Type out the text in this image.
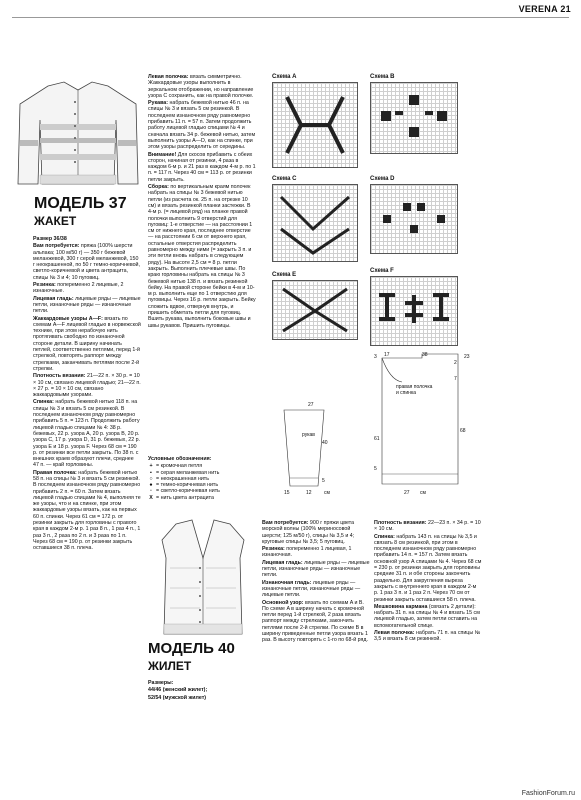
VERENA 21
МОДЕЛЬ 37
ЖАКЕТ

Размер 36/38

Вам потребуется: пряжа (100% шерсти альпака; 100 м/50 г) — 350 г бежевой меланжевой, 300 г серой меланжевой, 150 г неокрашенной, по 50 г темно-коричневой, светло-коричневой и цвета антрацита, спицы № 3 и 4; 10 пуговиц.

Резинка: попеременно 2 лицевые, 2 изнаночные.

Лицевая гладь: лицевые ряды — лицевые петли, изнаночные ряды — изнаночные петли.

Жаккардовые узоры А—F: вязать по схемам А—F лицевой гладью в норвежской технике, при этом нерабочую нить протягивать свободно по изнаночной стороне детали. В ширину начинать петлей, соответственно петлями, перед 1-й стрелкой, повторять раппорт между стрелками, заканчивать петлями после 2-й стрелки.

Плотность вязания: 21—22 п. × 30 р. = 10 × 10 см, связано лицевой гладью; 21—22 п. × 27 р. = 10 × 10 см, связано жаккардовыми узорами.

Спинка: набрать бежевой нитью 118 п. на спицы № 3 и вязать 5 см резинкой. В последнем изнаночном ряду равномерно прибавить 5 п. = 123 п. Продолжить работу лицевой гладью спицами № 4: 38 р. бежевых, 22 р. узора А, 20 р. узора B, 20 р. узора C, 17 р. узора D, 31 р. бежевых, 22 р. узора E и 18 р. узора F. Через 68 см = 190 р. от резинки все петли закрыть. По 38 п. с внешних краев образуют плечи, среднее 47 п. — край горловины.

Правая полочка: набрать бежевой нитью 58 п. на спицы № 3 и вязать 5 см резинкой. В последнем изнаночном ряду равномерно прибавить 2 п. = 60 п. Затем вязать лицевой гладью спицами № 4, выполняя те же узоры, что и на спинке, при этом жаккардовые узоры вязать, как на первых 60 п. спинки. Через 61 см = 172 р. от резинки закрыть для горловины с правого края в каждом 2-м р. 1 раз 8 п., 1 раз 4 п., 1 раз 3 п., 2 раза по 2 п. и 3 раза по 1 п. Через 68 см = 190 р. от резинки закрыть оставшиеся 38 п. плеча.

Левая полочка: вязать симметрично. Жаккардовые узоры выполнить в зеркальном отображении, но направление узора C сохранить, как на правой полочке.

Рукава: набрать бежевой нитью 46 п. на спицы № 3 и вязать 5 см резинкой. В последнем изнаночном ряду равномерно прибавить 11 п. = 57 п. Затем продолжить работу лицевой гладью спицами № 4 и сначала вязать 34 р. бежевой нитью, затем выполнить узоры A—D, как на спинке, при этом узоры распределить от середины.

Внимание! Для скосов прибавить с обеих сторон, начиная от резинки, 4 раза в каждом 6-м р. и 21 раз в каждом 4-м р. по 1 п. = 117 п. Через 40 см = 113 р. от резинки петли закрыть.

Сборка: по вертикальным краям полочек набрать на спицы № 3 бежевой нитью петли (из расчета ок. 25 п. на отрезке 10 см) и вязать резинкой планки застежки. В 4-м р. (= лицевой ряд) на планке правой полочки выполнить 9 отверстий для пуговиц: 1-е отверстие — на расстоянии 1 см от нижнего края, последнее отверстие — на расстоянии 6 см от верхнего края, остальные отверстия распределить равномерно между ними (= закрыть 3 п. и эти петли вновь набрать в следующем ряду). На высоте 2,5 см = 8 р. петли закрыть. Выполнить плечевые швы. По краю горловины набрать на спицы № 3 бежевой нитью 138 п. и вязать резинкой бейку. На правой стороне бейки в 4-м и 10-м р. выполнить еще по 1 отверстию для пуговицы. Через 16 р. петли закрыть. Бейку сложить вдвое, отвернув внутрь, и пришить обметать петли для пуговиц. Вшить рукава, выполнить боковые швы и швы рукавов. Пришить пуговицы.

Условные обозначения:

+ = кромочная петля
▪ = серая меланжевая нить
○ = неокрашенная нить
● = темно-коричневая нить
▫ = светло-коричневая нить
X = нить цвета антрацита
Схема A	Схема B
Схема C	Схема D
Схема E
Схема F
17	38	23
правая полочка и спинка
68
61
5
27	см
3
7
2
27
рукав
40
5
15	12	см
МОДЕЛЬ 40
ЖИЛЕТ

Размеры:

44/46 (женский жилет);

52/54 (мужской жилет)

Вам потребуется: 900 г пряжи цвета морской волны (100% мериносовой шерсти; 125 м/50 г), спицы № 3,5 и 4; круговые спицы № 3,5; 5 пуговиц.

Резинка: попеременно 1 лицевая, 1 изнаночная.

Лицевая гладь: лицевые ряды — лицевые петли, изнаночные ряды — изнаночные петли.

Изнаночная гладь: лицевые ряды — изнаночные петли, изнаночные ряды — лицевые петли.

Основной узор: вязать по схемам A и B. По схеме A в ширину начать с кромочной петли перед 1-й стрелкой, 2 раза вязать раппорт между стрелками, закончить петлями после 2-й стрелки. По схеме B в ширину приведенные петли узора вязать 1 раз. В высоту повторять с 1-го по 68-й ряд.

Плотность вязания: 22—23 п. × 34 р. = 10 × 10 см.

Спинка: набрать 143 п. на спицы № 3,5 и связать 8 см резинкой, при этом в последнем изнаночном ряду равномерно прибавить 14 п. = 157 п. Затем вязать основной узор А спицами № 4. Через 68 см = 230 р. от резинки закрыть для горловины средние 31 п. и обе стороны закончить раздельно. Для закругления выреза закрыть с внутреннего края в каждом 2-м р. 1 раз 3 п. и 1 раз 2 п. Через 70 см от резинки закрыть оставшиеся 58 п. плеча.

Мешковина кармана (связать 2 детали): набрать 31 п. на спицы № 4 и вязать 15 см лицевой гладью, затем петли оставить на вспомогательной спице.

Левая полочка: набрать 71 п. на спицы № 3,5 и вязать 8 см резинкой.

FashionForum.ru
